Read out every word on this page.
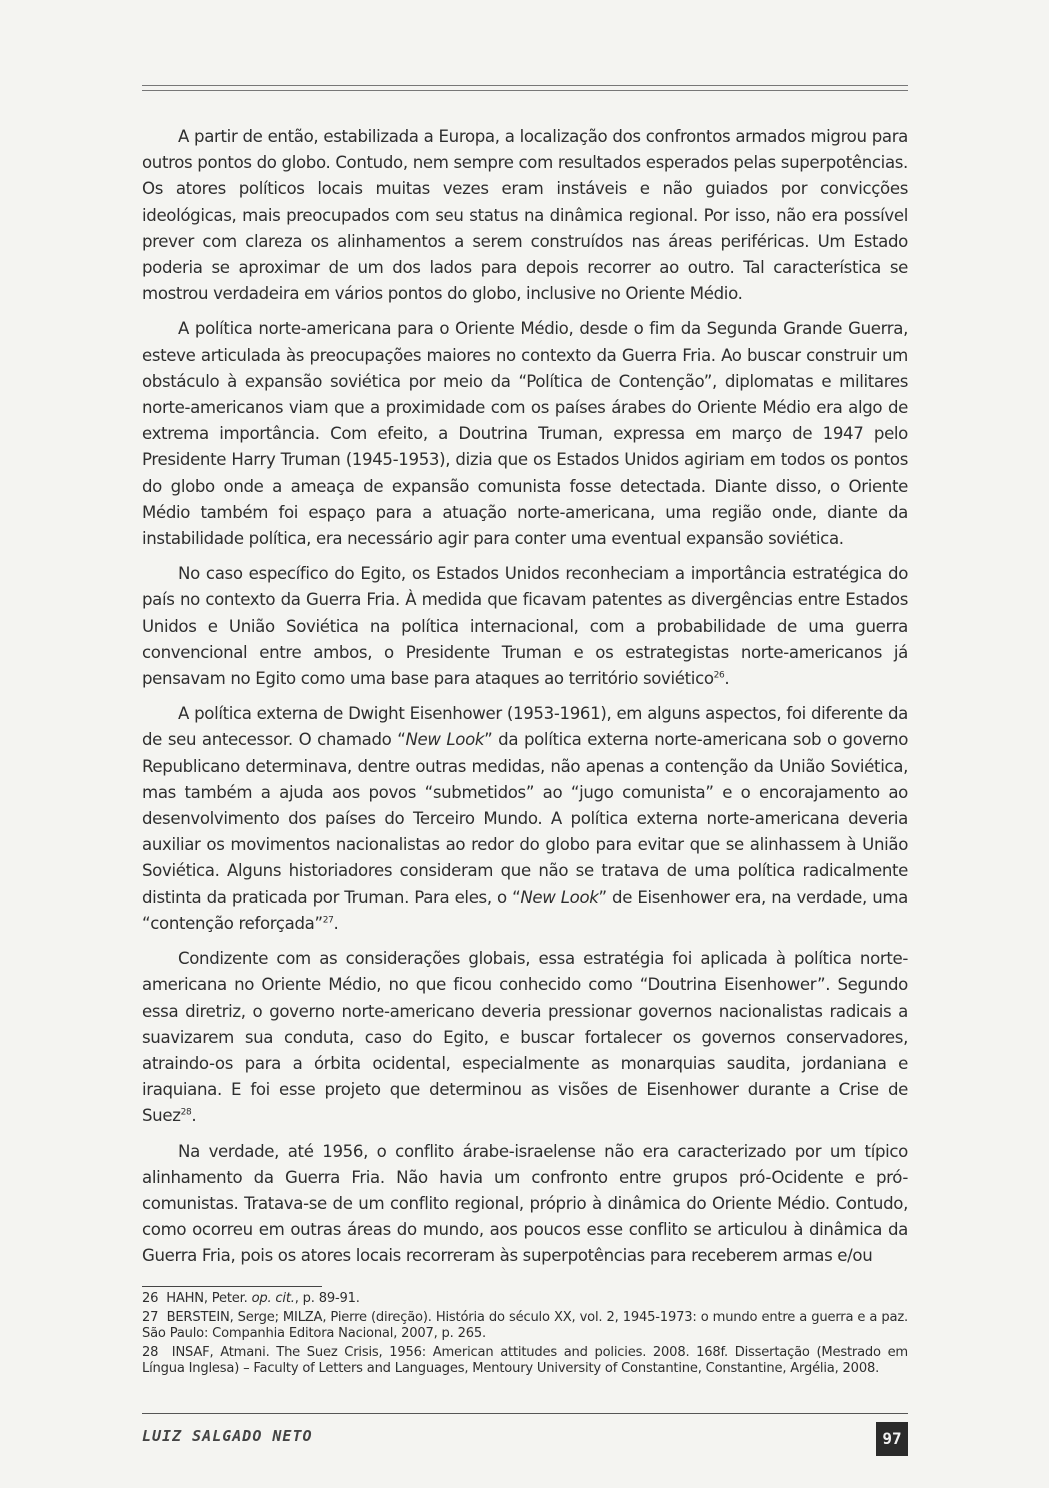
A partir de então, estabilizada a Europa, a localização dos confrontos armados migrou para outros pontos do globo. Contudo, nem sempre com resultados esperados pelas superpotências. Os atores políticos locais muitas vezes eram instáveis e não guiados por convicções ideológicas, mais preocupados com seu status na dinâmica regional. Por isso, não era possível prever com clareza os alinhamentos a serem construídos nas áreas periféricas. Um Estado poderia se aproximar de um dos lados para depois recorrer ao outro. Tal característica se mostrou verdadeira em vários pontos do globo, inclusive no Oriente Médio.

A política norte-americana para o Oriente Médio, desde o fim da Segunda Grande Guerra, esteve articulada às preocupações maiores no contexto da Guerra Fria. Ao buscar construir um obstáculo à expansão soviética por meio da “Política de Contenção”, diplomatas e militares norte-americanos viam que a proximidade com os países árabes do Oriente Médio era algo de extrema importância. Com efeito, a Doutrina Truman, expressa em março de 1947 pelo Presidente Harry Truman (1945-1953), dizia que os Estados Unidos agiriam em todos os pontos do globo onde a ameaça de expansão comunista fosse detectada. Diante disso, o Oriente Médio também foi espaço para a atuação norte-americana, uma região onde, diante da instabilidade política, era necessário agir para conter uma eventual expansão soviética.

No caso específico do Egito, os Estados Unidos reconheciam a importância estratégica do país no contexto da Guerra Fria. À medida que ficavam patentes as divergências entre Estados Unidos e União Soviética na política internacional, com a probabilidade de uma guerra convencional entre ambos, o Presidente Truman e os estrategistas norte-americanos já pensavam no Egito como uma base para ataques ao território soviético$^{26}$.

A política externa de Dwight Eisenhower (1953-1961), em alguns aspectos, foi diferente da de seu antecessor. O chamado “New Look” da política externa norte-americana sob o governo Republicano determinava, dentre outras medidas, não apenas a contenção da União Soviética, mas também a ajuda aos povos “submetidos” ao “jugo comunista” e o encorajamento ao desenvolvimento dos países do Terceiro Mundo. A política externa norte-americana deveria auxiliar os movimentos nacionalistas ao redor do globo para evitar que se alinhassem à União Soviética. Alguns historiadores consideram que não se tratava de uma política radicalmente distinta da praticada por Truman. Para eles, o “New Look” de Eisenhower era, na verdade, uma “contenção reforçada”$^{27}$.

Condizente com as considerações globais, essa estratégia foi aplicada à política norte-americana no Oriente Médio, no que ficou conhecido como “Doutrina Eisenhower”. Segundo essa diretriz, o governo norte-americano deveria pressionar governos nacionalistas radicais a suavizarem sua conduta, caso do Egito, e buscar fortalecer os governos conservadores, atraindo-os para a órbita ocidental, especialmente as monarquias saudita, jordaniana e iraquiana. E foi esse projeto que determinou as visões de Eisenhower durante a Crise de Suez$^{28}$.

Na verdade, até 1956, o conflito árabe-israelense não era caracterizado por um típico alinhamento da Guerra Fria. Não havia um confronto entre grupos pró-Ocidente e pró-comunistas. Tratava-se de um conflito regional, próprio à dinâmica do Oriente Médio. Contudo, como ocorreu em outras áreas do mundo, aos poucos esse conflito se articulou à dinâmica da Guerra Fria, pois os atores locais recorreram às superpotências para receberem armas e/ou

26 HAHN, Peter. op. cit., p. 89-91.

27 BERSTEIN, Serge; MILZA, Pierre (direção). História do século XX, vol. 2, 1945-1973: o mundo entre a guerra e a paz. São Paulo: Companhia Editora Nacional, 2007, p. 265.

28 INSAF, Atmani. The Suez Crisis, 1956: American attitudes and policies. 2008. 168f. Dissertação (Mestrado em Língua Inglesa) – Faculty of Letters and Languages, Mentoury University of Constantine, Constantine, Argélia, 2008.

LUIZ SALGADO NETO	97
